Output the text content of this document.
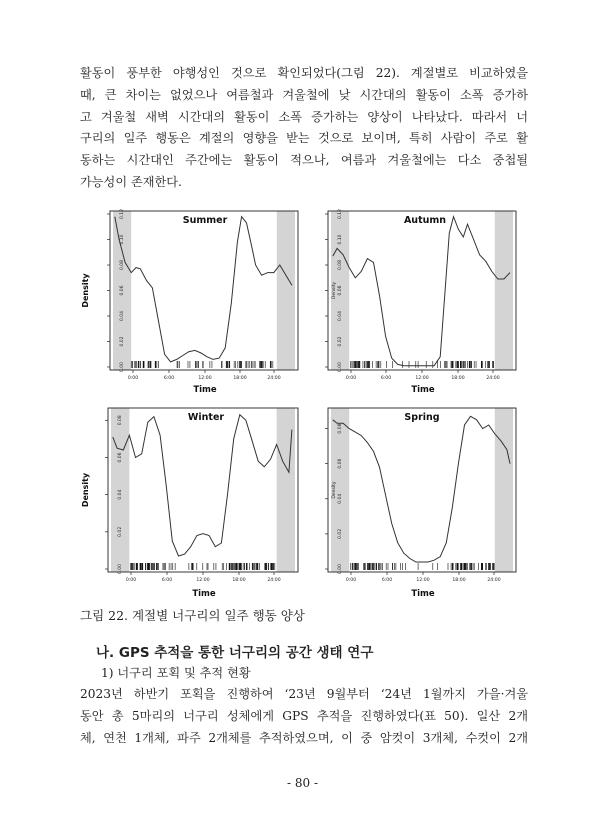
활동이 풍부한 야행성인 것으로 확인되었다(그림 22). 계절별로 비교하였을
때, 큰 차이는 없었으나 여름철과 겨울철에 낮 시간대의 활동이 소폭 증가하
고 겨울철 새벽 시간대의 활동이 소폭 증가하는 양상이 나타났다. 따라서 너
구리의 일주 행동은 계절의 영향을 받는 것으로 보이며, 특히 사람이 주로 활
동하는 시간대인 주간에는 활동이 적으나, 여름과 겨울철에는 다소 중첩될
가능성이 존재한다.
Summer
0.00
0.02
0.04
0.06
0.08
0.10
0.12
Density
0:00	6:00	12:00	18:00	24:00
Time
Autumn
0.00
0.02
0.04
0.06
0.08
0.10
0.12
Density
0:00	6:00	12:00	18:00	24:00
Time
Winter
0.00
0.02
0.04
0.06
0.08
Density
0:00	6:00	12:00	18:00	24:00
Time
Spring
0.00
0.02
0.04
0.06
0.08
Density
0:00	6:00	12:00	18:00	24:00
Time
그림 22. 계절별 너구리의 일주 행동 양상
나. GPS 추적을 통한 너구리의 공간 생태 연구
1) 너구리 포획 및 추적 현황
2023년 하반기 포획을 진행하여 ‘23년 9월부터 ‘24년 1월까지 가을·겨울
동안 총 5마리의 너구리 성체에게 GPS 추적을 진행하였다(표 50). 일산 2개
체, 연천 1개체, 파주 2개체를 추적하였으며, 이 중 암컷이 3개체, 수컷이 2개
- 80 -
